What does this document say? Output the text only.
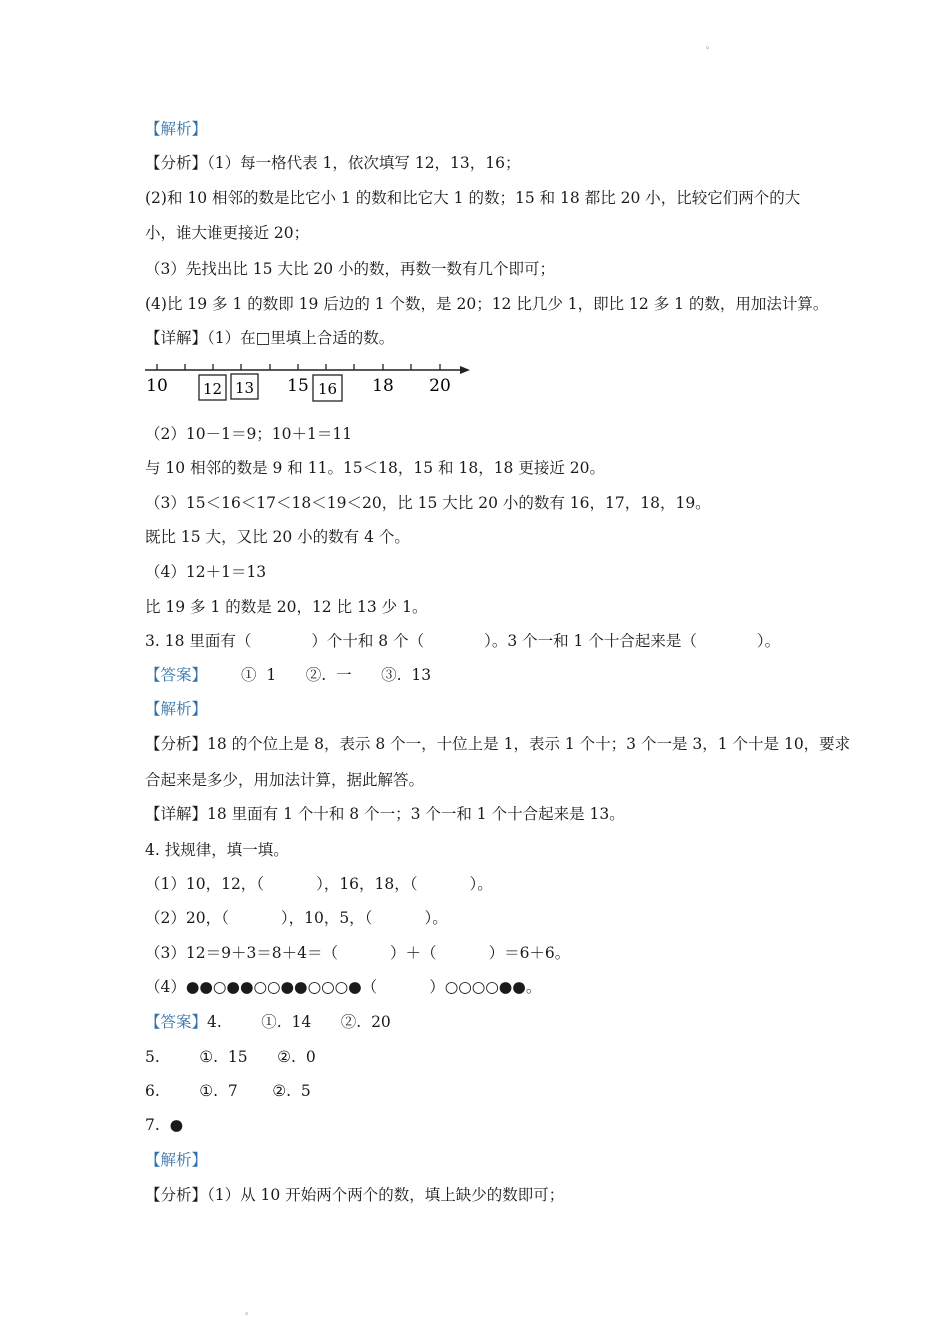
。
【解析】
【分析】（1）每一格代表 1，依次填写 12，13，16；
(2)和 10 相邻的数是比它小 1 的数和比它大 1 的数；15 和 18 都比 20 小，比较它们两个的大
小，谁大谁更接近 20；
（3）先找出比 15 大比 20 小的数，再数一数有几个即可；
(4)比 19 多 1 的数即 19 后边的 1 个数，是 20；12 比几少 1，即比 12 多 1 的数，用加法计算。
【详解】（1）在□里填上合适的数。
10	15	18 20
12 13	16
（2）10－1＝9；10＋1＝11
与 10 相邻的数是 9 和 11。15＜18，15 和 18，18 更接近 20。
（3）15＜16＜17＜18＜19＜20，比 15 大比 20 小的数有 16，17，18，19。
既比 15 大，又比 20 小的数有 4 个。
（4）12＋1＝13
比 19 多 1 的数是 20，12 比 13 少 1。
3. 18 里面有（	）个十和 8 个（	）。3 个一和 1 个十合起来是（	）。
【答案】 ①  1      ②.  一      ③.  13
【解析】
【分析】18 的个位上是 8，表示 8 个一，十位上是 1，表示 1 个十；3 个一是 3，1 个十是 10，要求
合起来是多少，用加法计算，据此解答。
【详解】18 里面有 1 个十和 8 个一；3 个一和 1 个十合起来是 13。
4. 找规律，填一填。
（1）10，12，（	），16，18，（	）。
（2）20，（	），10，5，（	）。
（3）12＝9＋3＝8＋4＝（	）＋（	）＝6＋6。
（4）●●○●●○○●●○○○●（	）○○○○●●。
【答案】4.        ①.  14      ②.  20
5.        ①.  15      ②.  0
6.        ①.  7       ②.  5
7.  ●
【解析】
【分析】（1）从 10 开始两个两个的数，填上缺少的数即可；
。
